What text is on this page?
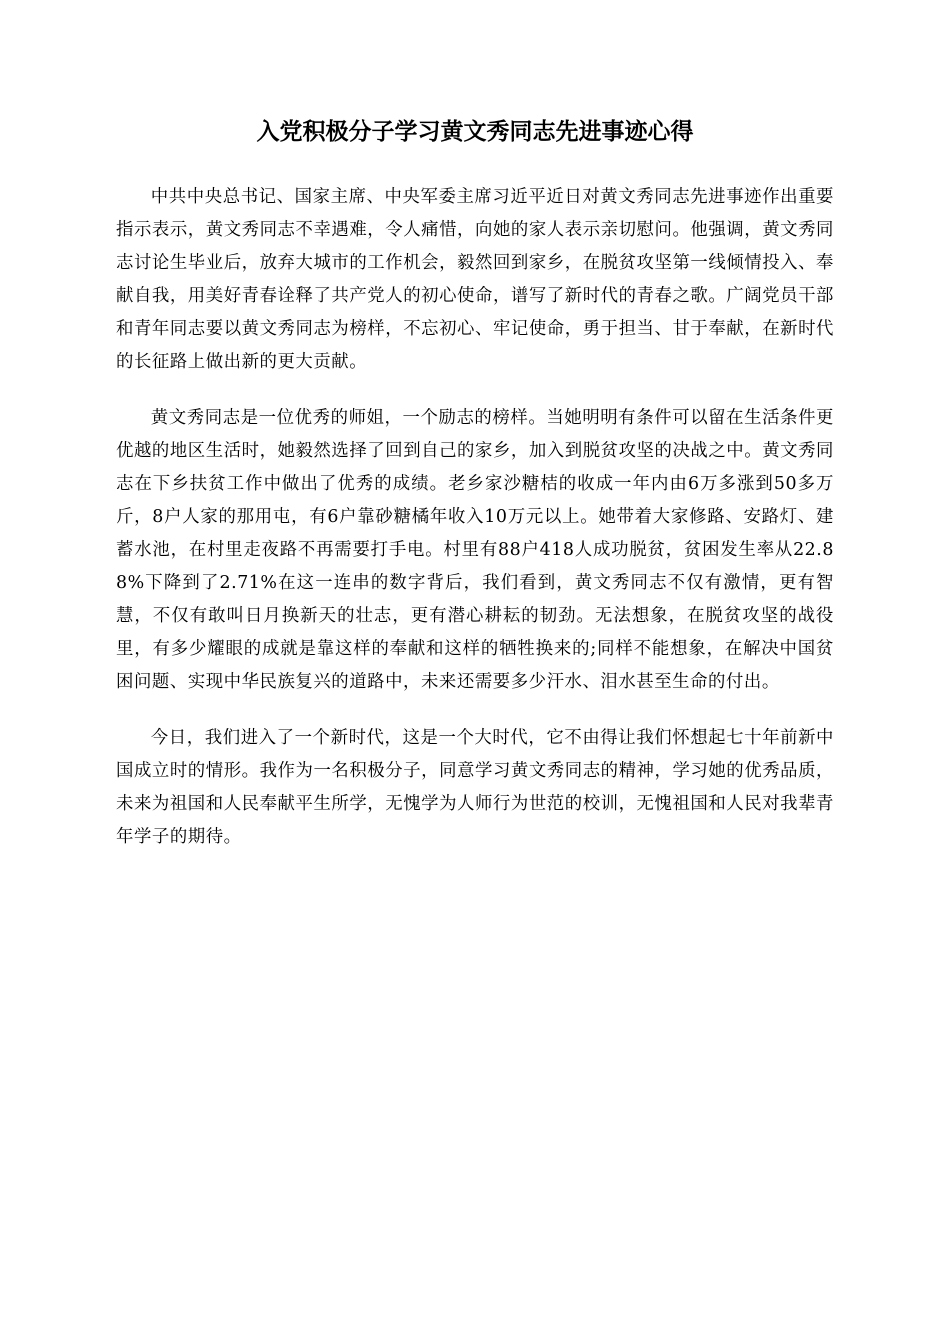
入党积极分子学习黄文秀同志先进事迹心得

中共中央总书记、国家主席、中央军委主席习近平近日对黄文秀同志先进事迹作出重要指示表示，黄文秀同志不幸遇难，令人痛惜，向她的家人表示亲切慰问。他强调，黄文秀同志讨论生毕业后，放弃大城市的工作机会，毅然回到家乡，在脱贫攻坚第一线倾情投入、奉献自我，用美好青春诠释了共产党人的初心使命，谱写了新时代的青春之歌。广阔党员干部和青年同志要以黄文秀同志为榜样，不忘初心、牢记使命，勇于担当、甘于奉献，在新时代的长征路上做出新的更大贡献。

黄文秀同志是一位优秀的师姐，一个励志的榜样。当她明明有条件可以留在生活条件更优越的地区生活时，她毅然选择了回到自己的家乡，加入到脱贫攻坚的决战之中。黄文秀同志在下乡扶贫工作中做出了优秀的成绩。老乡家沙糖桔的收成一年内由6万多涨到50多万斤，8户人家的那用屯，有6户靠砂糖橘年收入10万元以上。她带着大家修路、安路灯、建蓄水池，在村里走夜路不再需要打手电。村里有88户418人成功脱贫，贫困发生率从22.88%下降到了2.71%在这一连串的数字背后，我们看到，黄文秀同志不仅有激情，更有智慧，不仅有敢叫日月换新天的壮志，更有潜心耕耘的韧劲。无法想象，在脱贫攻坚的战役里，有多少耀眼的成就是靠这样的奉献和这样的牺牲换来的;同样不能想象，在解决中国贫困问题、实现中华民族复兴的道路中，未来还需要多少汗水、泪水甚至生命的付出。

今日，我们进入了一个新时代，这是一个大时代，它不由得让我们怀想起七十年前新中国成立时的情形。我作为一名积极分子，同意学习黄文秀同志的精神，学习她的优秀品质，未来为祖国和人民奉献平生所学，无愧学为人师行为世范的校训，无愧祖国和人民对我辈青年学子的期待。
